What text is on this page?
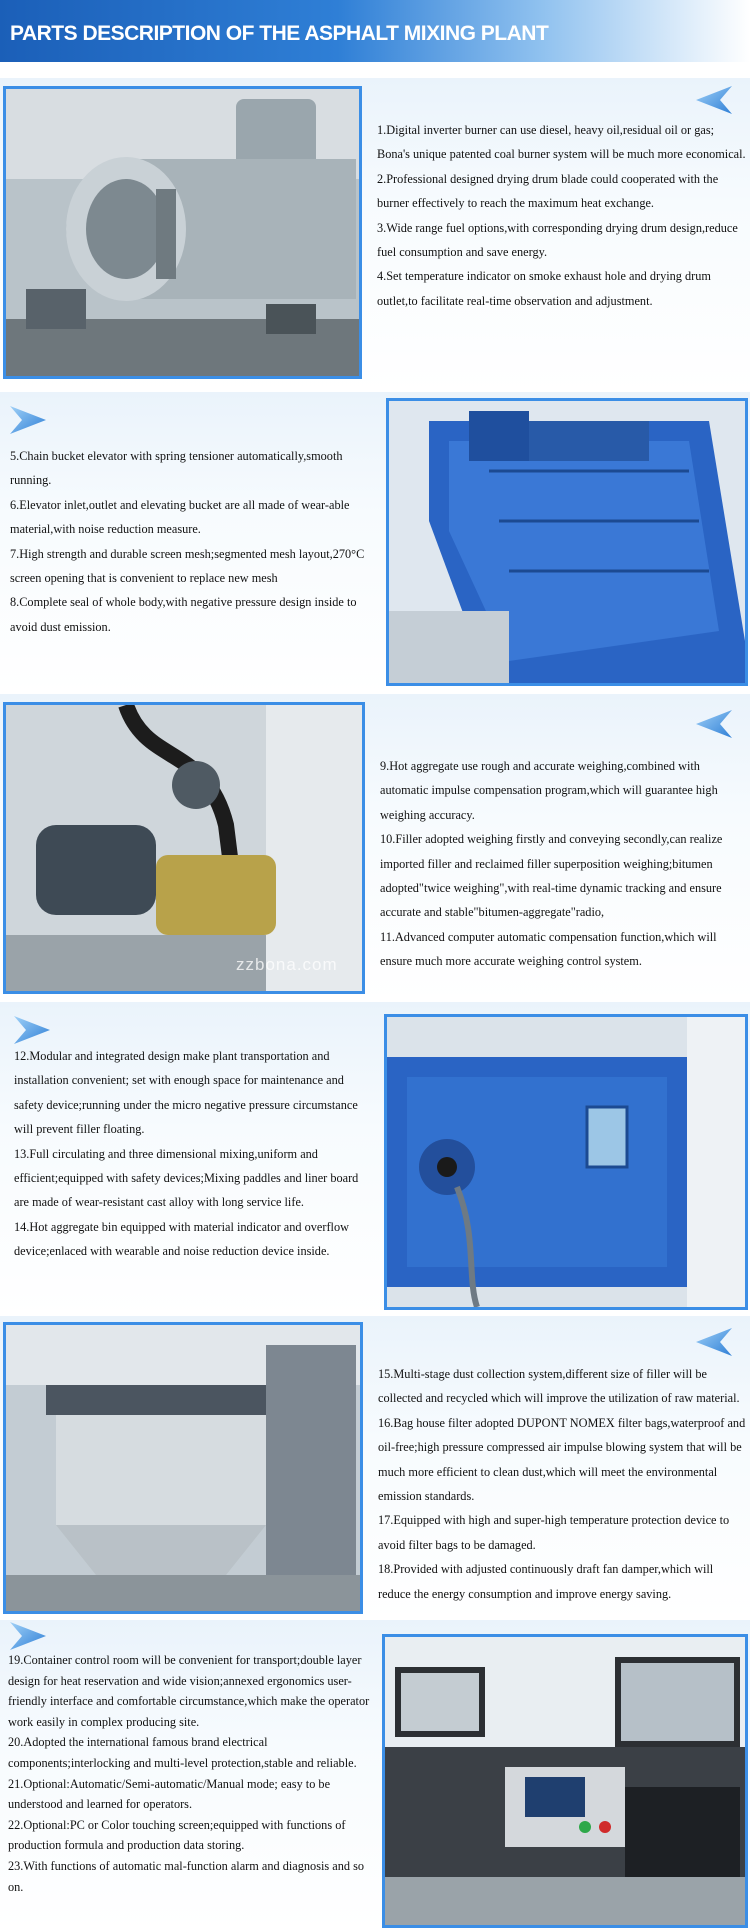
PARTS DESCRIPTION OF THE ASPHALT MIXING PLANT

1.Digital inverter burner can use diesel, heavy oil,residual oil or gas; Bona's unique patented coal burner system will be much more economical.

2.Professional designed drying drum blade could cooperated with the burner effectively to reach the maximum heat exchange.

3.Wide range fuel options,with corresponding drying drum design,reduce fuel consumption and save energy.

4.Set temperature indicator on smoke exhaust hole and drying drum outlet,to facilitate real-time observation and adjustment.

5.Chain bucket elevator with spring tensioner automatically,smooth running.

6.Elevator inlet,outlet and elevating bucket are all made of wear-able material,with noise reduction measure.

7.High strength and durable screen mesh;segmented mesh layout,270°C screen opening that is convenient to replace new mesh

8.Complete seal of whole body,with negative pressure design inside to avoid dust emission.

zzbona.com

9.Hot aggregate use rough and accurate weighing,combined with automatic impulse compensation program,which will guarantee high weighing accuracy.

10.Filler adopted weighing firstly and conveying secondly,can realize imported filler and reclaimed filler superposition weighing;bitumen adopted"twice weighing",with real-time dynamic tracking and ensure accurate and stable"bitumen-aggregate"radio,

11.Advanced computer automatic compensation function,which will ensure much more accurate weighing control system.

12.Modular and integrated design make plant transportation and installation convenient; set with enough space for maintenance and safety device;running under the micro negative pressure circumstance will prevent filler floating.

13.Full circulating and three dimensional mixing,uniform and efficient;equipped with safety devices;Mixing paddles and liner board are made of wear-resistant cast alloy with long service life.

14.Hot aggregate bin equipped with material indicator and overflow device;enlaced with wearable and noise reduction device inside.

15.Multi-stage dust collection system,different size of filler will be collected and recycled which will improve the utilization of raw material.

16.Bag house filter adopted DUPONT NOMEX filter bags,waterproof and oil-free;high pressure compressed air impulse blowing system that will be much more efficient to clean dust,which will meet the environmental emission standards.

17.Equipped with high and super-high temperature protection device to avoid filter bags to be damaged.

18.Provided with adjusted continuously draft fan damper,which will reduce the energy consumption and improve energy saving.

19.Container control room will be convenient for transport;double layer design for heat reservation and wide vision;annexed ergonomics user-friendly interface and comfortable circumstance,which make the operator work easily in complex producing site.

20.Adopted the international famous brand electrical components;interlocking and multi-level protection,stable and reliable.

21.Optional:Automatic/Semi-automatic/Manual mode; easy to be understood and learned for operators.

22.Optional:PC or Color touching screen;equipped with functions of production formula and production data storing.

23.With functions of automatic mal-function alarm and diagnosis and so on.
